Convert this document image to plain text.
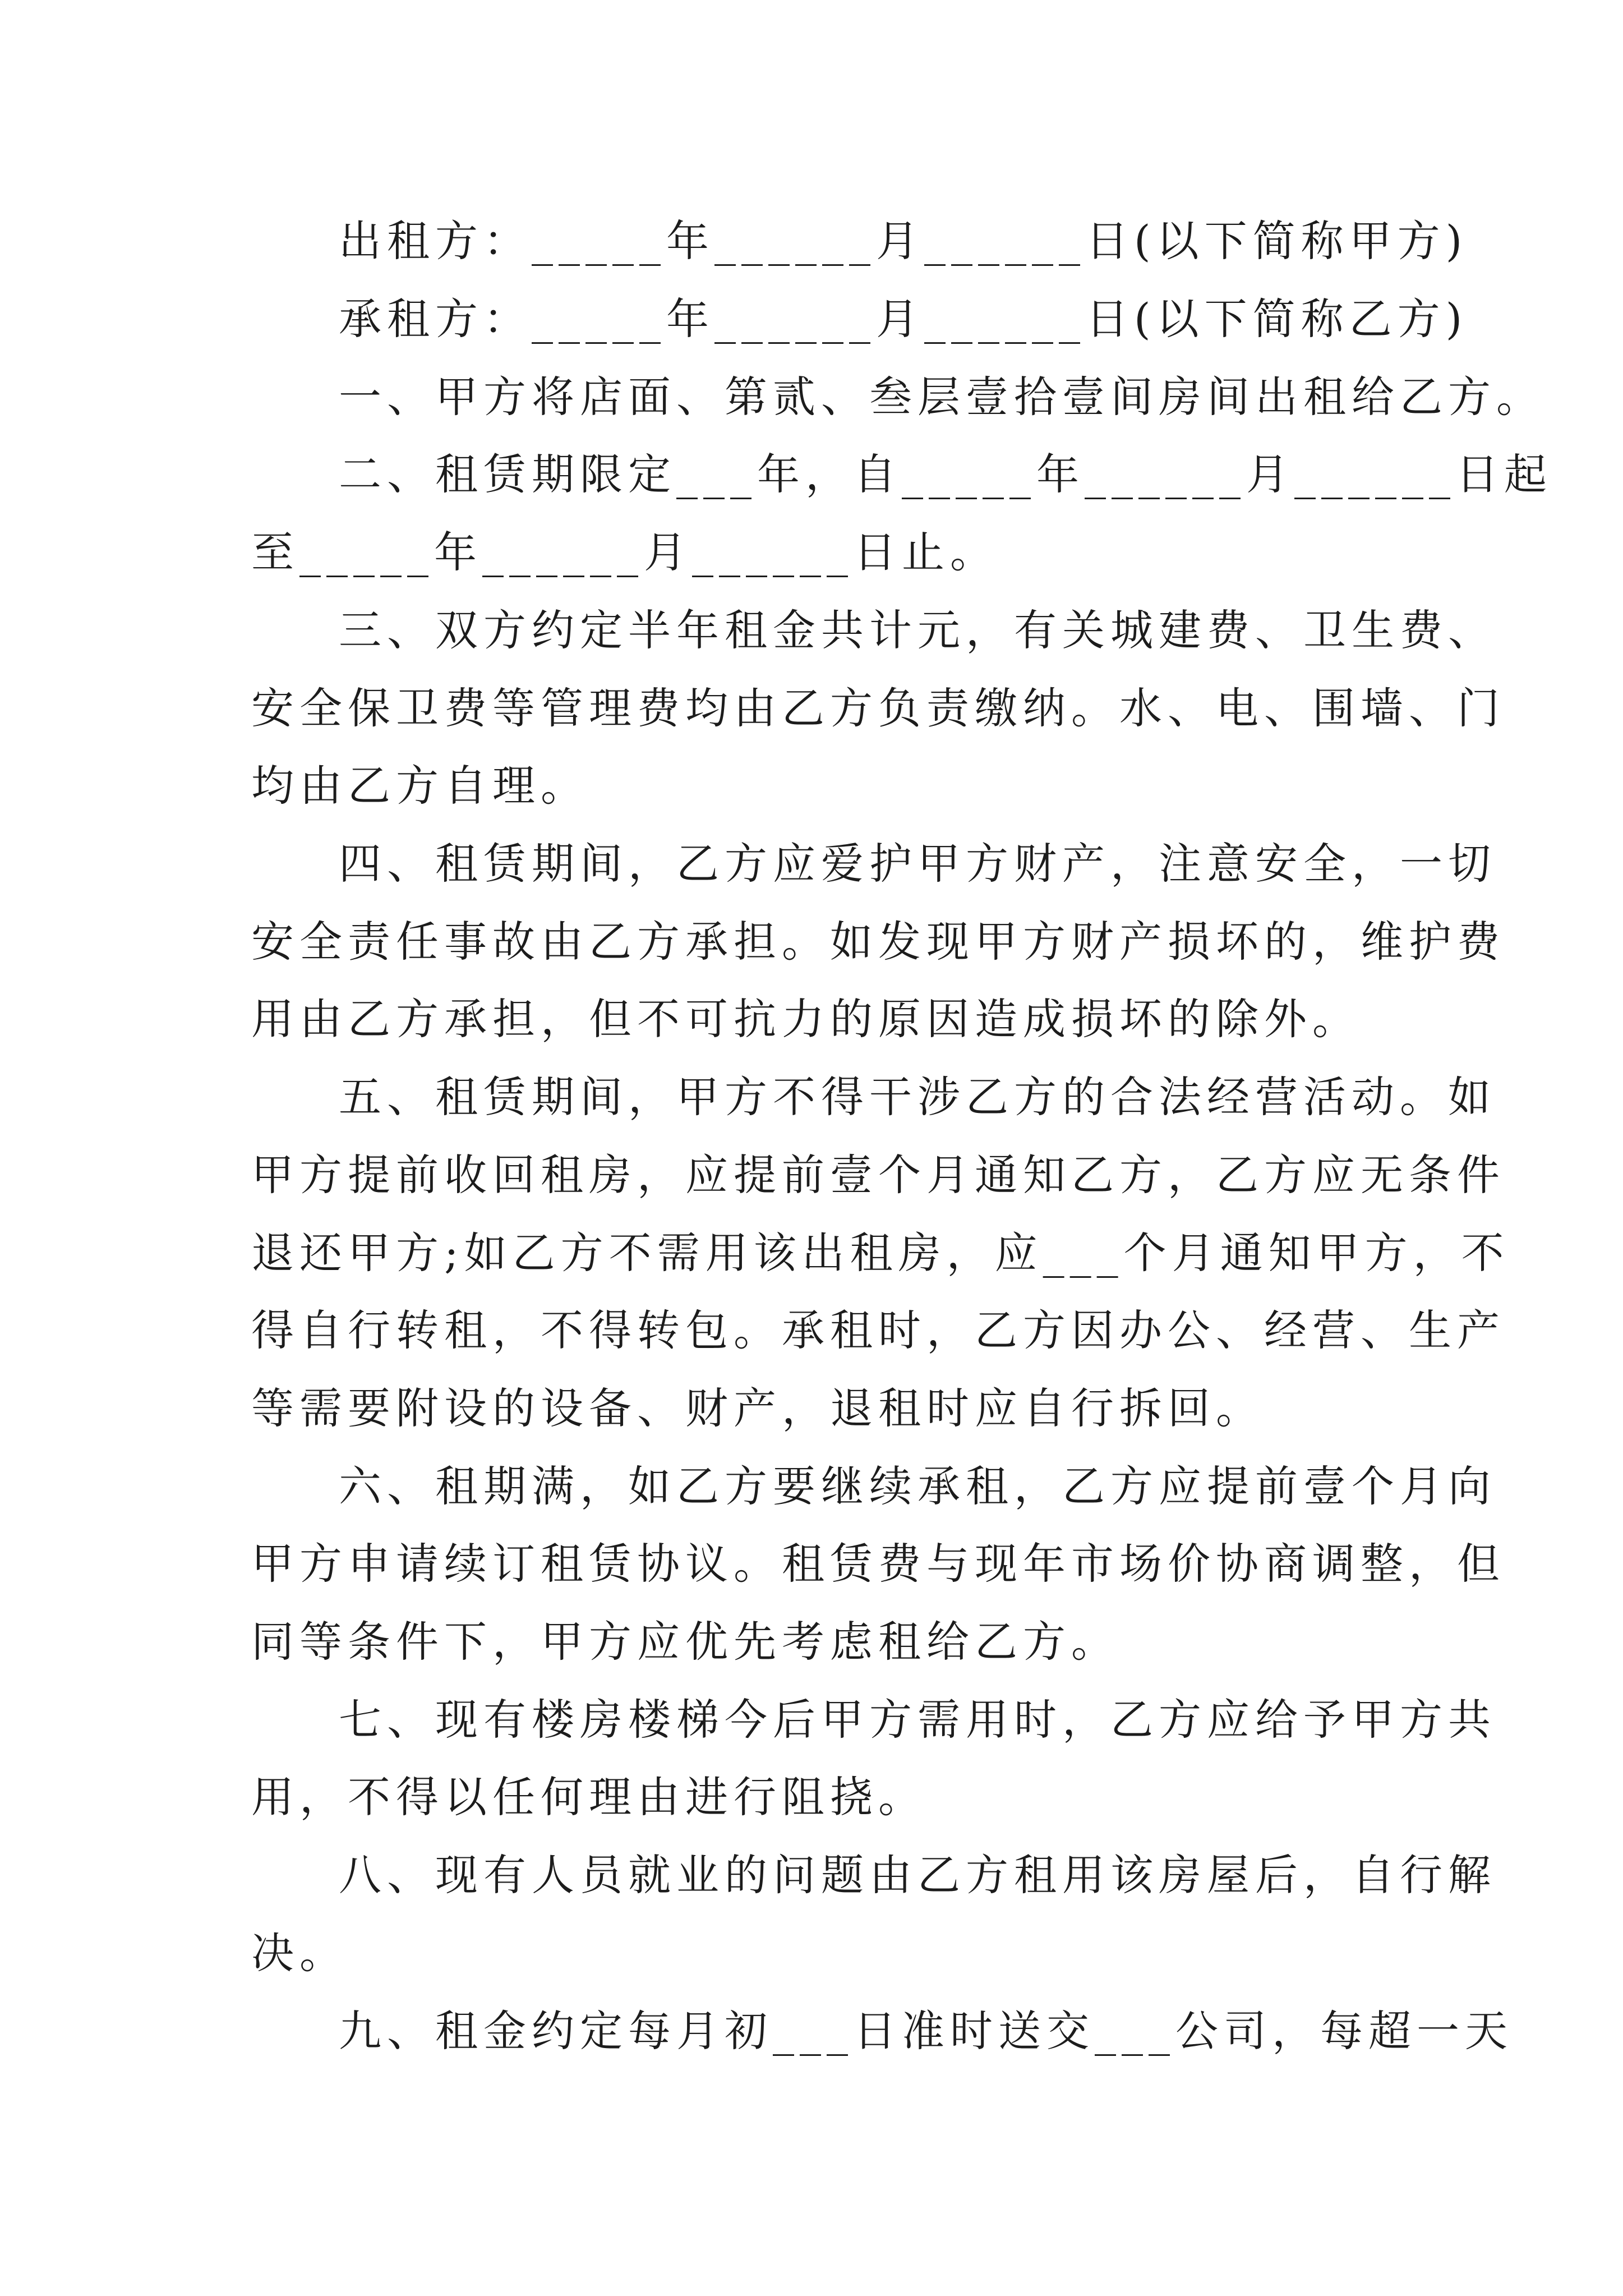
出租方：_____年______月______日(以下简称甲方)
承租方：_____年______月______日(以下简称乙方)
一、甲方将店面、第贰、叁层壹拾壹间房间出租给乙方。
二、租赁期限定___年，自_____年______月______日起
至_____年______月______日止。
三、双方约定半年租金共计元，有关城建费、卫生费、
安全保卫费等管理费均由乙方负责缴纳。水、电、围墙、门
均由乙方自理。
四、租赁期间，乙方应爱护甲方财产，注意安全，一切
安全责任事故由乙方承担。如发现甲方财产损坏的，维护费
用由乙方承担，但不可抗力的原因造成损坏的除外。
五、租赁期间，甲方不得干涉乙方的合法经营活动。如
甲方提前收回租房，应提前壹个月通知乙方，乙方应无条件
退还甲方;如乙方不需用该出租房，应___个月通知甲方，不
得自行转租，不得转包。承租时，乙方因办公、经营、生产
等需要附设的设备、财产，退租时应自行拆回。
六、租期满，如乙方要继续承租，乙方应提前壹个月向
甲方申请续订租赁协议。租赁费与现年市场价协商调整，但
同等条件下，甲方应优先考虑租给乙方。
七、现有楼房楼梯今后甲方需用时，乙方应给予甲方共
用，不得以任何理由进行阻挠。
八、现有人员就业的问题由乙方租用该房屋后，自行解
决。
九、租金约定每月初___日准时送交___公司，每超一天
